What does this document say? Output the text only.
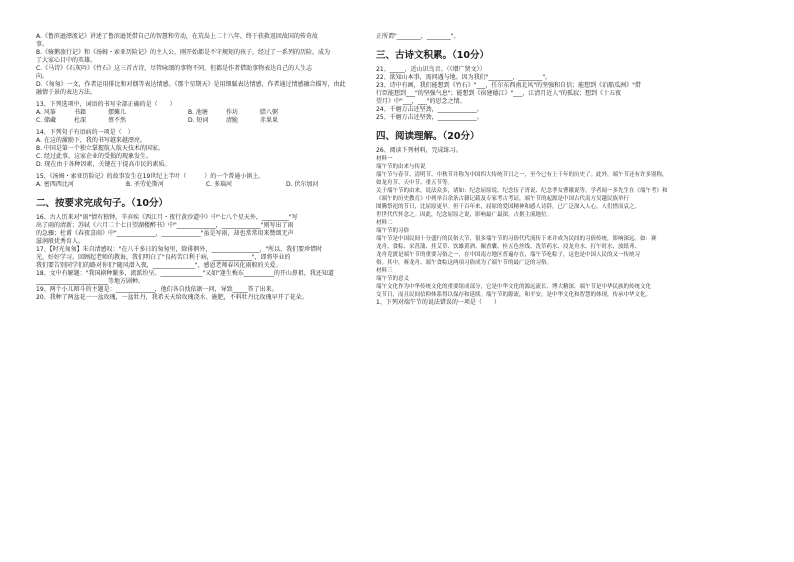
A.《鲁滨逊漂流记》讲述了鲁滨逊凭借自己的智慧和劳动，在荒岛上二十八年，终于获救返回故国的传奇故
事。
B.《骑鹅旅行记》和《汤姆・索亚历险记》的主人公，刚开始都是不守规矩的孩子，经过了一系列的历险，成为
了大家心目中的英雄。
C.《马诗》《石灰吟》《竹石》这三首古诗，尽管咏颂的事物不同，但都是作者借助事物表达自己的人生志
向。
D.《匆匆》一文，作者运用排比和对偶等表达情感。《那个星期天》是用细腻表达情感，作者通过情感融合描写，由此
融情于景的表达方法。
13、下列选项中，词语的书写全部正确的是（　　）
A. 风筝	书籍	摆摊儿	B. 池塘	作坊	腊八粥
C. 储藏	杜深	蔡不然	D. 短词	清脆	赤果果
14、下列句子有语病的一项是（　）
A. 在这的激励下，我的书写越来越漂亮。
B. 中国是第一个独立掌握航人航天技术的国家。
C. 经过此事，这家企业的受损的现象发生。
D. 现在由于各种因素，关键在于提高市民的素质。
15、《汤姆・索亚历险记》的故事发生在19世纪上半叶（　　　）的一个普通小镇上。
A. 密西西比河	B. 圣劳伦斯河	C. 多瑙河	D. 伏尔加河
二、按要求完成句子。（10分）
16、古人历来对"雨"情有独钟。辛弃疾《西江月・夜行黄沙道中》中"七八个星天外，_________"写
出了雨的清新；苏轼《六月二十七日望湖楼醉书》中"_____________，_____________"则写出了雨
的急骤；杜甫《春夜喜雨》中"_____________，_____________"虽是写雨，却也常常用来赞颂无声
滋润般优秀育人。
17、【时光匆匆】朱自清感叹："在八千多日的匆匆里，除徘徊外，________________，"所以，我们要珍惜时
光，好好学习。回顾起老师的教诲，我们明白了"良药苦口利于病，_____________"，即将毕业的
我们要告别同学们的路对你们"随风潜入夜，______________"，感恩老师春风化雨般的关爱。
18、文中有解题："我国剧种繁多，流派纷呈。______________"又如"逢生梅东__________的开山鼻祖，我还知道
________________________等地方剧种。
19、两个小儿辩斗的主题是：_____________，他们各自找依据一问，导致_____答了出来。
20、我种了两盆花一一盆玫瑰，一盆牡丹，我希天天给玫瑰浇水、施肥，不料牡丹比玫瑰早开了花朵。
正所谓"________，________"。
三、古诗文积累。（10分）
21、_____，近山识鸟音。（《增广贤文》）
22、欲知山本事，需问遇与地。因为我们"________，________"。
23、诗中有画，我们能想到《竹石》"___，任尔东西南北风"的坚强和自信；能想到《泊船瓜洲》"借
行臣能想到___"的坚强气息"；能想到《宿建德江》"___，江清月近人"的孤寂；想到《十五夜
望月》中"___，___"的思念之情。
24、千磨万击还坚劲，_____________。
25、千磨万击还坚劲，_____________。
四、阅读理解。（20分）
26、阅读下列材料，完成练习。
材料一
端午节的由来与传说
端午节与春节、清明节、中秋节并称为中国四大传统节日之一，至今已有上千年的历史了。此外，端午节还有许多别称，
如龙舟节、天中节、重五节等。
关于端午节的由来，说法众多，诸如：纪念屈原说、纪念伍子胥说、纪念孝女曹娥说等。学者闻一多先生在《端午考》和
《端午的历史教育》中列举百余条古籍记载及专家考古考证，端午节的起源是中国古代南方吴越民族举行
图腾祭祀的节日，比屈原更早。但千百年来，屈原的爱国精神和感人诗辞，已广泛深入人心，人们惜而哀之，
世世代代怀念之。因此，纪念屈原之说，影响最广最深，占据主流地位。
材料二
端午节的习俗
端午节是中国民间十分盛行的民俗大节，很多端午节的习俗代代流传下来并成为民间的习俗传统，影响深远。如：赛
龙舟、食粽、采菖蒲、挂艾草、饮雄黄酒、佩香囊、拴五色丝线、洗草药水、浸龙舟水、打午时水、放纸鸢、
龙舟竞渡是端午节的重要习俗之一，在中国南方地区普遍存在，端午节吃粽子，这也是中国人民的又一传统习
俗。其中，赛龙舟、端午食粽这两项习俗成为了端午节的最广泛的习俗。
材料三
端午节的意义
端午文化作为中华传统文化的重要组成部分，它是中华文化的源远流长、博大精深。端午节是中华民族的传统文化
交节日，而且民间信仰体系得以保存和延续。端午节的源流，和平安，是中华文化和智慧的体现，传承中华文化。
1、下列对端午节的说法错误的一项是（　　）
